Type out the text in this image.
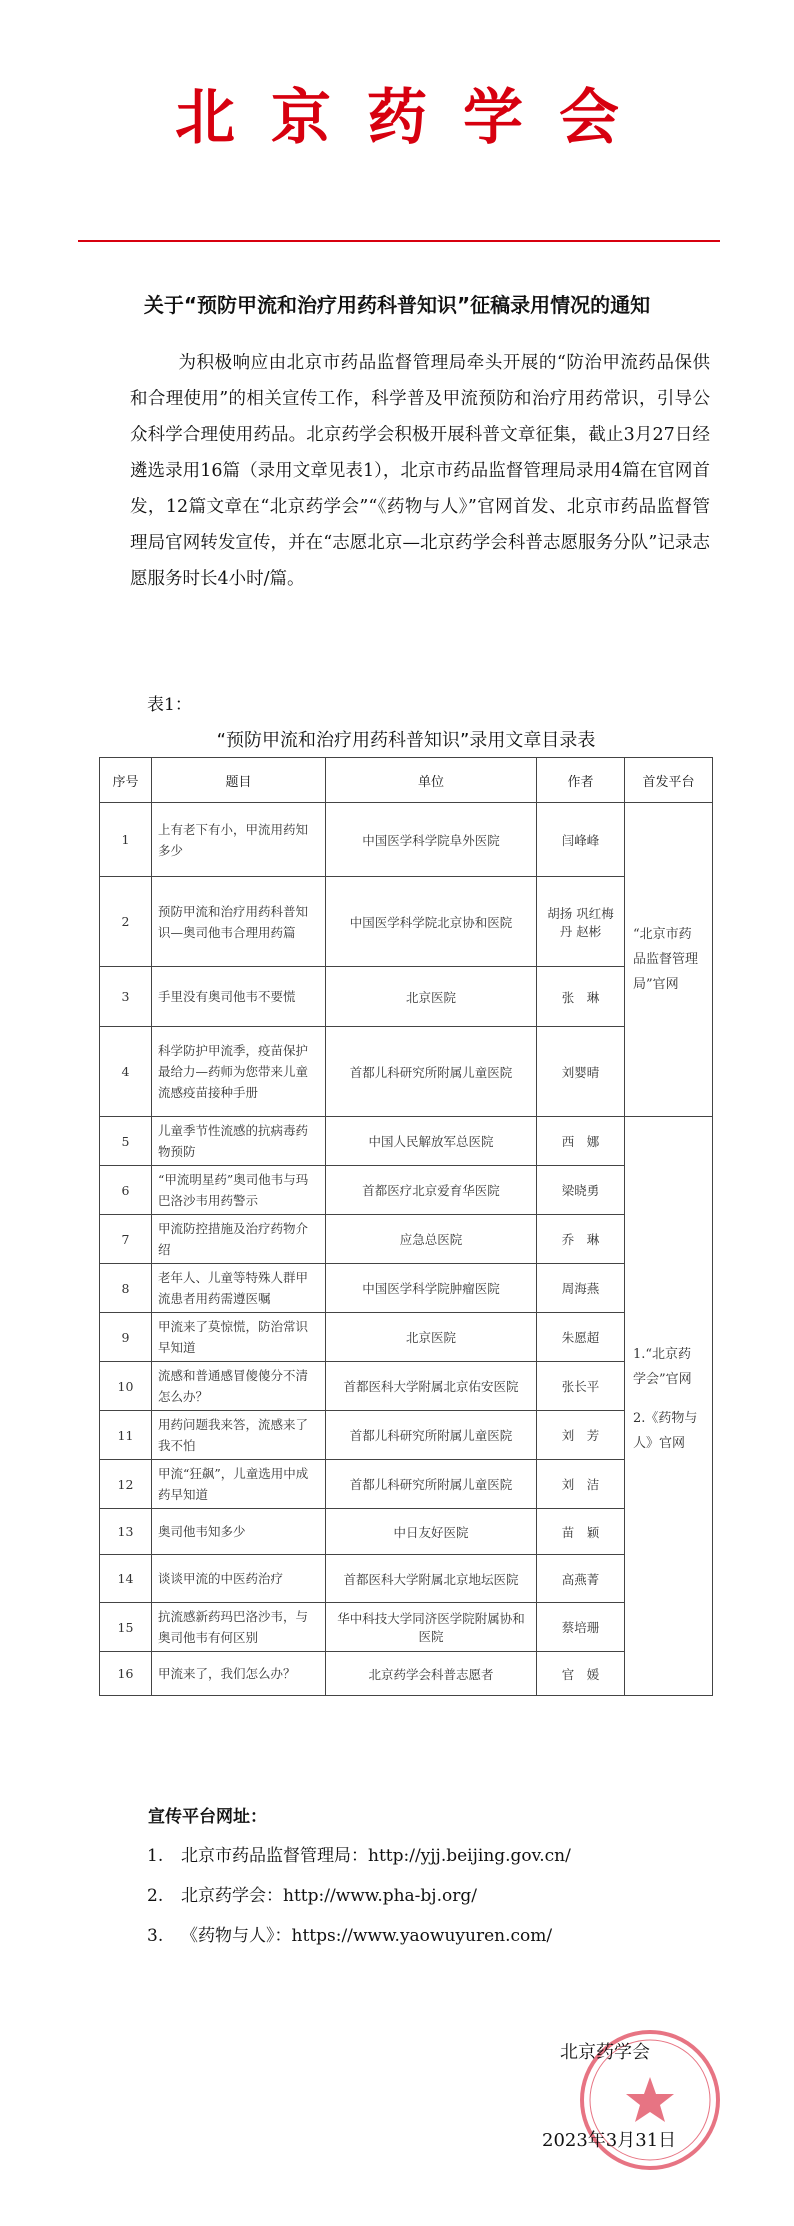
北京药学会
关于“预防甲流和治疗用药科普知识”征稿录用情况的通知
为积极响应由北京市药品监督管理局牵头开展的“防治甲流药品保供和合理使用”的相关宣传工作，科学普及甲流预防和治疗用药常识，引导公众科学合理使用药品。北京药学会积极开展科普文章征集，截止3月27日经遴选录用16篇（录用文章见表1），北京市药品监督管理局录用4篇在官网首发，12篇文章在“北京药学会”“《药物与人》”官网首发、北京市药品监督管理局官网转发宣传，并在“志愿北京—北京药学会科普志愿服务分队”记录志愿服务时长4小时/篇。
表1：
“预防甲流和治疗用药科普知识”录用文章目录表
序号	题目	单位	作者	首发平台
1	上有老下有小，甲流用药知多少	中国医学科学院阜外医院	闫峰峰	“北京市药品监督管理局”官网

2	预防甲流和治疗用药科普知识—奥司他韦合理用药篇	中国医学科学院北京协和医院	胡扬 巩红梅丹 赵彬	
3	手里没有奥司他韦不要慌	北京医院	张　琳	
4	科学防护甲流季，疫苗保护最给力—药师为您带来儿童流感疫苗接种手册	首都儿科研究所附属儿童医院	刘婴晴	
5	儿童季节性流感的抗病毒药物预防	中国人民解放军总医院	西　娜	1.“北京药学会”官网

2.《药物与人》官网

6	“甲流明星药”奥司他韦与玛巴洛沙韦用药警示	首都医疗北京爱育华医院	梁晓勇	
7	甲流防控措施及治疗药物介绍	应急总医院	乔　琳	
8	老年人、儿童等特殊人群甲流患者用药需遵医嘱	中国医学科学院肿瘤医院	周海燕	
9	甲流来了莫惊慌，防治常识早知道	北京医院	朱愿超	
10	流感和普通感冒傻傻分不清怎么办？	首都医科大学附属北京佑安医院	张长平	
11	用药问题我来答，流感来了我不怕	首都儿科研究所附属儿童医院	刘　芳	
12	甲流“狂飙”，儿童选用中成药早知道	首都儿科研究所附属儿童医院	刘　洁	
13	奥司他韦知多少	中日友好医院	苗　颖	
14	谈谈甲流的中医药治疗	首都医科大学附属北京地坛医院	高燕菁	
15	抗流感新药玛巴洛沙韦，与奥司他韦有何区别	华中科技大学同济医学院附属协和医院	蔡培珊	
16	甲流来了，我们怎么办？	北京药学会科普志愿者	官　媛	
宣传平台网址：
1. 北京市药品监督管理局：http://yjj.beijing.gov.cn/
2. 北京药学会：http://www.pha-bj.org/
3. 《药物与人》：https://www.yaowuyuren.com/
北京药学会
2023年3月31日
